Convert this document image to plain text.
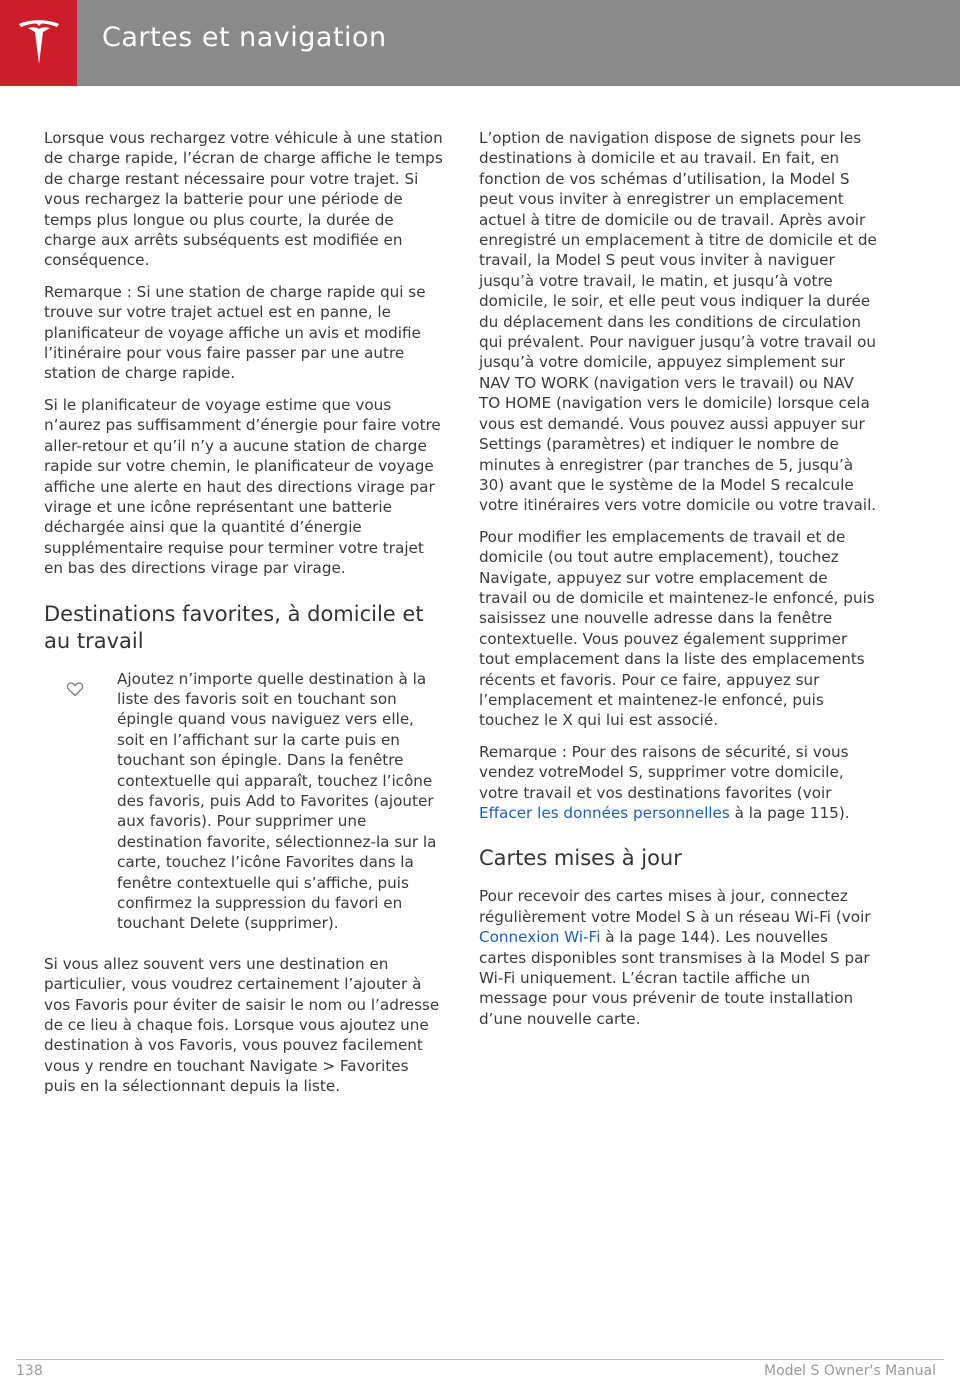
Cartes et navigation

Lorsque vous rechargez votre véhicule à une station de charge rapide, l’écran de charge affiche le temps de charge restant nécessaire pour votre trajet. Si vous rechargez la batterie pour une période de temps plus longue ou plus courte, la durée de charge aux arrêts subséquents est modifiée en conséquence.

Remarque : Si une station de charge rapide qui se trouve sur votre trajet actuel est en panne, le planificateur de voyage affiche un avis et modifie l’itinéraire pour vous faire passer par une autre station de charge rapide.

Si le planificateur de voyage estime que vous n’aurez pas suffisamment d’énergie pour faire votre aller-retour et qu’il n’y a aucune station de charge rapide sur votre chemin, le planificateur de voyage affiche une alerte en haut des directions virage par virage et une icône représentant une batterie déchargée ainsi que la quantité d’énergie supplémentaire requise pour terminer votre trajet en bas des directions virage par virage.

Destinations favorites, à domicile et au travail

Ajoutez n’importe quelle destination à la liste des favoris soit en touchant son épingle quand vous naviguez vers elle, soit en l’affichant sur la carte puis en touchant son épingle. Dans la fenêtre contextuelle qui apparaît, touchez l’icône des favoris, puis Add to Favorites (ajouter aux favoris). Pour supprimer une destination favorite, sélectionnez-la sur la carte, touchez l’icône Favorites dans la fenêtre contextuelle qui s’affiche, puis confirmez la suppression du favori en touchant Delete (supprimer).

Si vous allez souvent vers une destination en particulier, vous voudrez certainement l’ajouter à vos Favoris pour éviter de saisir le nom ou l’adresse de ce lieu à chaque fois. Lorsque vous ajoutez une destination à vos Favoris, vous pouvez facilement vous y rendre en touchant Navigate > Favorites puis en la sélectionnant depuis la liste.

L’option de navigation dispose de signets pour les destinations à domicile et au travail. En fait, en fonction de vos schémas d’utilisation, la Model S peut vous inviter à enregistrer un emplacement actuel à titre de domicile ou de travail. Après avoir enregistré un emplacement à titre de domicile et de travail, la Model S peut vous inviter à naviguer jusqu’à votre travail, le matin, et jusqu’à votre domicile, le soir, et elle peut vous indiquer la durée du déplacement dans les conditions de circulation qui prévalent. Pour naviguer jusqu’à votre travail ou jusqu’à votre domicile, appuyez simplement sur NAV TO WORK (navigation vers le travail) ou NAV TO HOME (navigation vers le domicile) lorsque cela vous est demandé. Vous pouvez aussi appuyer sur Settings (paramètres) et indiquer le nombre de minutes à enregistrer (par tranches de 5, jusqu’à 30) avant que le système de la Model S recalcule votre itinéraires vers votre domicile ou votre travail.

Pour modifier les emplacements de travail et de domicile (ou tout autre emplacement), touchez Navigate, appuyez sur votre emplacement de travail ou de domicile et maintenez-le enfoncé, puis saisissez une nouvelle adresse dans la fenêtre contextuelle. Vous pouvez également supprimer tout emplacement dans la liste des emplacements récents et favoris. Pour ce faire, appuyez sur l’emplacement et maintenez-le enfoncé, puis touchez le X qui lui est associé.

Remarque : Pour des raisons de sécurité, si vous vendez votreModel S, supprimer votre domicile, votre travail et vos destinations favorites (voir Effacer les données personnelles à la page 115).

Cartes mises à jour

Pour recevoir des cartes mises à jour, connectez régulièrement votre Model S à un réseau Wi-Fi (voir Connexion Wi-Fi à la page 144). Les nouvelles cartes disponibles sont transmises à la Model S par Wi-Fi uniquement. L’écran tactile affiche un message pour vous prévenir de toute installation d’une nouvelle carte.

138	Model S Owner's Manual
